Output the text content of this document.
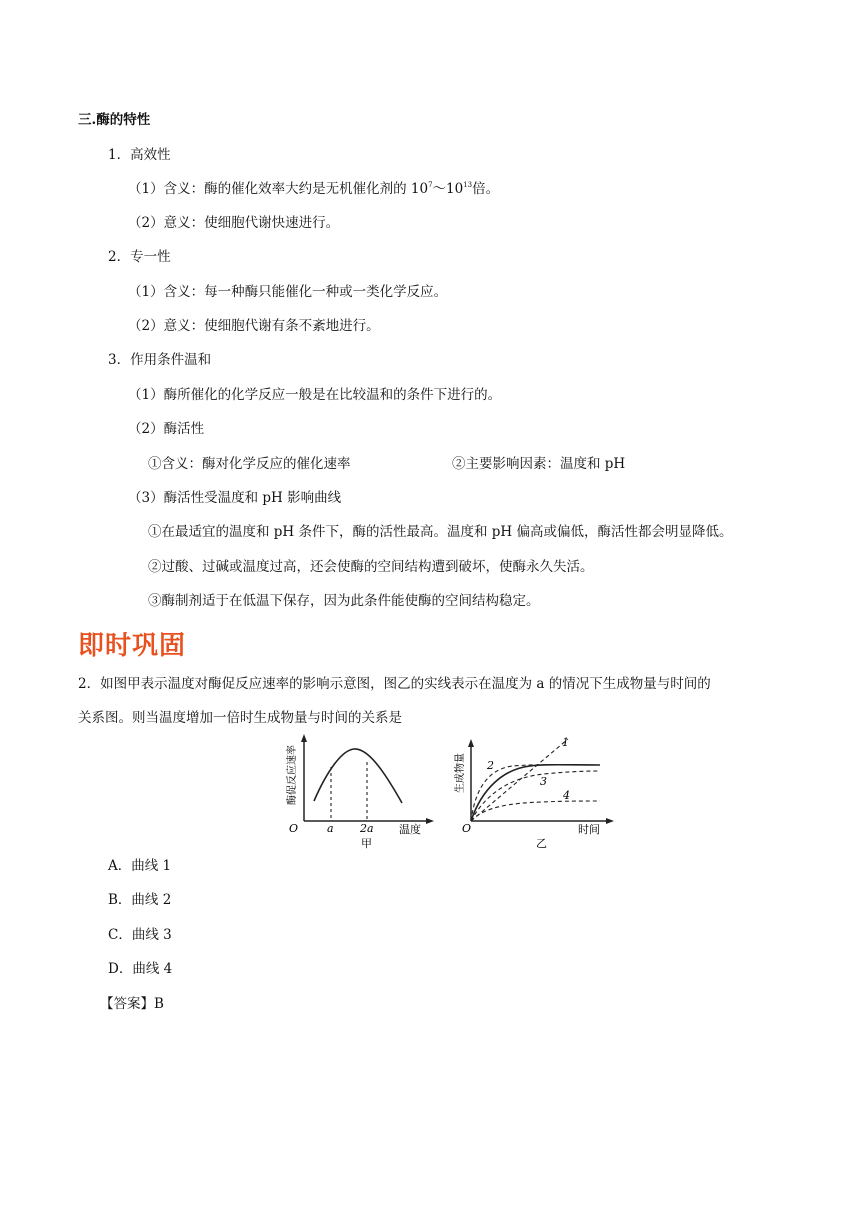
三.酶的特性
1．高效性
（1）含义：酶的催化效率大约是无机催化剂的 $10^7\sim 10^{13}$倍。
（2）意义：使细胞代谢快速进行。
2．专一性
（1）含义：每一种酶只能催化一种或一类化学反应。
（2）意义：使细胞代谢有条不紊地进行。
3．作用条件温和
（1）酶所催化的化学反应一般是在比较温和的条件下进行的。
（2）酶活性
①含义：酶对化学反应的催化速率	②主要影响因素：温度和 pH
（3）酶活性受温度和 pH 影响曲线
①在最适宜的温度和 pH 条件下，酶的活性最高。温度和 pH 偏高或偏低，酶活性都会明显降低。
②过酸、过碱或温度过高，还会使酶的空间结构遭到破坏，使酶永久失活。
③酶制剂适于在低温下保存，因为此条件能使酶的空间结构稳定。
即时巩固
2．如图甲表示温度对酶促反应速率的影响示意图，图乙的实线表示在温度为 a 的情况下生成物量与时间的
关系图。则当温度增加一倍时生成物量与时间的关系是
O	a 2a 温度
甲
酶促反应速率
1
2
3
4
O	时间
乙
生成物量
A．曲线 1
B．曲线 2
C．曲线 3
D．曲线 4
【答案】B
